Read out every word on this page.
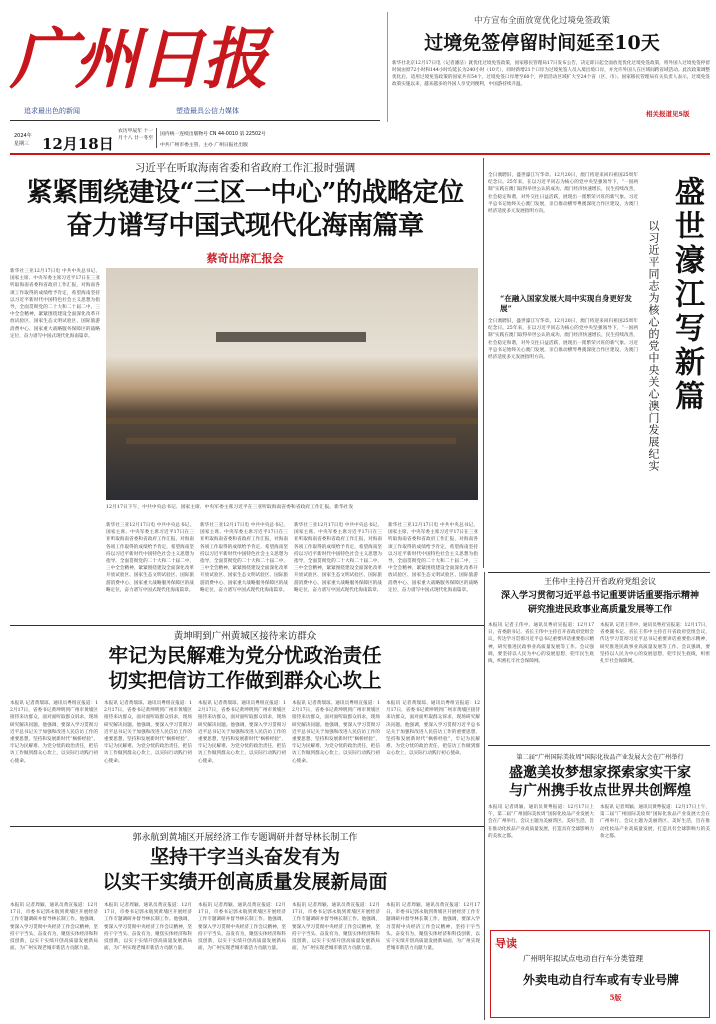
广州日报
追求最出色的新闻	塑造最具公信力媒体
2024年 星期三 12月18日
农历甲辰年 十一月十八 廿一冬至
国内统一连续出版物号 CN 44-0010 第 22502号
中共广州市委主管、主办 广州日报社出版
中方宣布全面放宽优化过境免签政策
过境免签停留时间延至10天
新华社北京12月17日电（记者潘洁）就优化过境免签政策，国家移民管理局17日发布公告，决定即日起全面放宽优化过境免签政策，将外国人过境免签停留时间由原72小时和144小时均延长为240小时（10天），同时新增21个口岸为过境免签人员入境出境口岸，并允许外国人在区域间跨省域活动。此次政策调整优化后，适用过境免签政策的国家共有54个，过境免签口岸增至60个，停留活动区域扩大至24个省（区、市）。国家移民管理局有关负责人表示，过境免签政策实施以来，越来越多的外国人享受到便利，中国游持续升温。
相关报道见5版
习近平在听取海南省委和省政府工作汇报时强调
紧紧围绕建设“三区一中心”的战略定位
奋力谱写中国式现代化海南篇章
蔡奇出席汇报会
新华社三亚12月17日电 中共中央总书记、国家主席、中央军委主席习近平17日在三亚听取海南省委和省政府工作汇报，对海南各项工作取得的成绩给予肯定，希望海南坚持以习近平新时代中国特色社会主义思想为指导，全面贯彻党的二十大和二十届二中、三中全会精神，紧紧围绕建设全面深化改革开放试验区、国家生态文明试验区、国际旅游消费中心、国家重大战略服务保障区的战略定位，奋力谱写中国式现代化海南篇章。
12月17日下午，中共中央总书记、国家主席、中央军委主席习近平在三亚听取海南省委和省政府工作汇报。新华社发
新华社三亚12月17日电 中共中央总书记、国家主席、中央军委主席习近平17日在三亚听取海南省委和省政府工作汇报，对海南各项工作取得的成绩给予肯定，希望海南坚持以习近平新时代中国特色社会主义思想为指导，全面贯彻党的二十大和二十届二中、三中全会精神，紧紧围绕建设全面深化改革开放试验区、国家生态文明试验区、国际旅游消费中心、国家重大战略服务保障区的战略定位，奋力谱写中国式现代化海南篇章。
新华社三亚12月17日电 中共中央总书记、国家主席、中央军委主席习近平17日在三亚听取海南省委和省政府工作汇报，对海南各项工作取得的成绩给予肯定，希望海南坚持以习近平新时代中国特色社会主义思想为指导，全面贯彻党的二十大和二十届二中、三中全会精神，紧紧围绕建设全面深化改革开放试验区、国家生态文明试验区、国际旅游消费中心、国家重大战略服务保障区的战略定位，奋力谱写中国式现代化海南篇章。
新华社三亚12月17日电 中共中央总书记、国家主席、中央军委主席习近平17日在三亚听取海南省委和省政府工作汇报，对海南各项工作取得的成绩给予肯定，希望海南坚持以习近平新时代中国特色社会主义思想为指导，全面贯彻党的二十大和二十届二中、三中全会精神，紧紧围绕建设全面深化改革开放试验区、国家生态文明试验区、国际旅游消费中心、国家重大战略服务保障区的战略定位，奋力谱写中国式现代化海南篇章。
新华社三亚12月17日电 中共中央总书记、国家主席、中央军委主席习近平17日在三亚听取海南省委和省政府工作汇报，对海南各项工作取得的成绩给予肯定，希望海南坚持以习近平新时代中国特色社会主义思想为指导，全面贯彻党的二十大和二十届二中、三中全会精神，紧紧围绕建设全面深化改革开放试验区、国家生态文明试验区、国际旅游消费中心、国家重大战略服务保障区的战略定位，奋力谱写中国式现代化海南篇章。
全日澳聘旧，盛世濠江写华章。12月20日，澳门将迎来回归祖国25周年纪念日。25年来，在以习近平同志为核心的党中央坚强领导下，“一国两制”实践在澳门取得举世公认的成功。澳门经济快速增长，民生持续改善，社会稳定和谐，对外交往日益活跃，展现出一派繁荣兴旺的新气象。习近平总书记始终关心澳门发展，亲自推动横琴粤澳深度合作区建设，为澳门经济适度多元发展指明方向。
“在融入国家发展大局中实现自身更好发展”
全日澳聘旧，盛世濠江写华章。12月20日，澳门将迎来回归祖国25周年纪念日。25年来，在以习近平同志为核心的党中央坚强领导下，“一国两制”实践在澳门取得举世公认的成功。澳门经济快速增长，民生持续改善，社会稳定和谐，对外交往日益活跃，展现出一派繁荣兴旺的新气象。习近平总书记始终关心澳门发展，亲自推动横琴粤澳深度合作区建设，为澳门经济适度多元发展指明方向。	盛世濠江写新篇
以习近平同志为核心的党中央关心澳门发展纪实
黄坤明到广州黄城区接待来访群众
牢记为民解难为党分忧政治责任
切实把信访工作做到群众心坎上
本报讯 记者黄瑞琼、通讯员粤组宣报道：12月17日，省委书记黄坤明到广州市黄埔区接待来访群众，面对面听取群众诉求，现场研究解决问题。他强调，要深入学习贯彻习近平总书记关于加强和改进人民信访工作的重要思想，坚持和发展新时代“枫桥经验”，牢记为民解难、为党分忧的政治责任，把信访工作做到群众心坎上，以实际行动践行初心使命。
本报讯 记者黄瑞琼、通讯员粤组宣报道：12月17日，省委书记黄坤明到广州市黄埔区接待来访群众，面对面听取群众诉求，现场研究解决问题。他强调，要深入学习贯彻习近平总书记关于加强和改进人民信访工作的重要思想，坚持和发展新时代“枫桥经验”，牢记为民解难、为党分忧的政治责任，把信访工作做到群众心坎上，以实际行动践行初心使命。
本报讯 记者黄瑞琼、通讯员粤组宣报道：12月17日，省委书记黄坤明到广州市黄埔区接待来访群众，面对面听取群众诉求，现场研究解决问题。他强调，要深入学习贯彻习近平总书记关于加强和改进人民信访工作的重要思想，坚持和发展新时代“枫桥经验”，牢记为民解难、为党分忧的政治责任，把信访工作做到群众心坎上，以实际行动践行初心使命。
本报讯 记者黄瑞琼、通讯员粤组宣报道：12月17日，省委书记黄坤明到广州市黄埔区接待来访群众，面对面听取群众诉求，现场研究解决问题。他强调，要深入学习贯彻习近平总书记关于加强和改进人民信访工作的重要思想，坚持和发展新时代“枫桥经验”，牢记为民解难、为党分忧的政治责任，把信访工作做到群众心坎上，以实际行动践行初心使命。
本报讯 记者黄瑞琼、通讯员粤组宣报道：12月17日，省委书记黄坤明到广州市黄埔区接待来访群众，面对面听取群众诉求，现场研究解决问题。他强调，要深入学习贯彻习近平总书记关于加强和改进人民信访工作的重要思想，坚持和发展新时代“枫桥经验”，牢记为民解难、为党分忧的政治责任，把信访工作做到群众心坎上，以实际行动践行初心使命。
王伟中主持召开省政府党组会议
深入学习贯彻习近平总书记重要讲话重要指示精神
研究推进民政事业高质量发展等工作
本报讯 记者王伟中、通讯员粤府宣报道：12月17日，省委副书记、省长王伟中主持召开省政府党组会议，传达学习贯彻习近平总书记重要讲话重要指示精神，研究推进民政事业高质量发展等工作。会议强调，要坚持以人民为中心的发展思想，兜牢民生底线，织密扎牢社会保障网。
本报讯 记者王伟中、通讯员粤府宣报道：12月17日，省委副书记、省长王伟中主持召开省政府党组会议，传达学习贯彻习近平总书记重要讲话重要指示精神，研究推进民政事业高质量发展等工作。会议强调，要坚持以人民为中心的发展思想，兜牢民生底线，织密扎牢社会保障网。
第二届“广州国际美妆周”国际化妆品产业发展大会在广州举行
盛邀美妆梦想家探索家实干家
与广州携手妆点世界共创辉煌
本报讯 记者周颖、通讯员黄粤报道：12月17日上午，第二届“广州国际美妆周”国际化妆品产业发展大会在广州举行。会议主题为美丽湾区、美好生活，旨在推动化妆品产业高质量发展，打造具有全球影响力的美妆之都。
本报讯 记者周颖、通讯员黄粤报道：12月17日上午，第二届“广州国际美妆周”国际化妆品产业发展大会在广州举行。会议主题为美丽湾区、美好生活，旨在推动化妆品产业高质量发展，打造具有全球影响力的美妆之都。
郭永航到黄埔区开展经济工作专题调研并督导林长制工作
坚持干字当头奋发有为
以实干实绩开创高质量发展新局面
本报讯 记者周颖、通讯员黄宣报道：12月17日，市委书记郭永航到黄埔区开展经济工作专题调研并督导林长制工作。他强调，要深入学习贯彻中央经济工作会议精神，坚持干字当头、奋发有为，聚焦实体经济和科技创新，以实干实绩开创高质量发展新局面，为广州实现老城市新活力贡献力量。
本报讯 记者周颖、通讯员黄宣报道：12月17日，市委书记郭永航到黄埔区开展经济工作专题调研并督导林长制工作。他强调，要深入学习贯彻中央经济工作会议精神，坚持干字当头、奋发有为，聚焦实体经济和科技创新，以实干实绩开创高质量发展新局面，为广州实现老城市新活力贡献力量。
本报讯 记者周颖、通讯员黄宣报道：12月17日，市委书记郭永航到黄埔区开展经济工作专题调研并督导林长制工作。他强调，要深入学习贯彻中央经济工作会议精神，坚持干字当头、奋发有为，聚焦实体经济和科技创新，以实干实绩开创高质量发展新局面，为广州实现老城市新活力贡献力量。
本报讯 记者周颖、通讯员黄宣报道：12月17日，市委书记郭永航到黄埔区开展经济工作专题调研并督导林长制工作。他强调，要深入学习贯彻中央经济工作会议精神，坚持干字当头、奋发有为，聚焦实体经济和科技创新，以实干实绩开创高质量发展新局面，为广州实现老城市新活力贡献力量。
本报讯 记者周颖、通讯员黄宣报道：12月17日，市委书记郭永航到黄埔区开展经济工作专题调研并督导林长制工作。他强调，要深入学习贯彻中央经济工作会议精神，坚持干字当头、奋发有为，聚焦实体经济和科技创新，以实干实绩开创高质量发展新局面，为广州实现老城市新活力贡献力量。	导读
广州明年拟试点电动自行车分类管理
外卖电动自行车或有专业号牌
5版
